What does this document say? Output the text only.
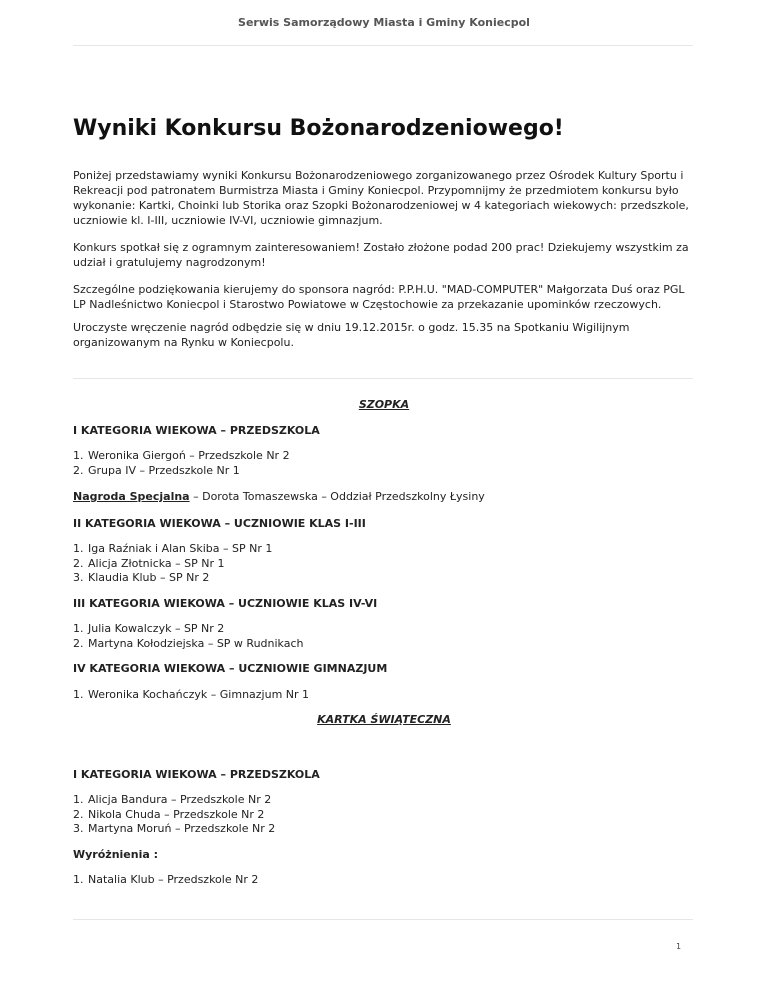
Serwis Samorządowy Miasta i Gminy Koniecpol
Wyniki Konkursu Bożonarodzeniowego!

Poniżej przedstawiamy wyniki Konkursu Bożonarodzeniowego zorganizowanego przez Ośrodek Kultury Sportu i Rekreacji pod patronatem Burmistrza Miasta i Gminy Koniecpol. Przypomnijmy że przedmiotem konkursu było wykonanie: Kartki, Choinki lub Storika oraz Szopki Bożonarodzeniowej w 4 kategoriach wiekowych: przedszkole, uczniowie kl. I-III, uczniowie IV-VI, uczniowie gimnazjum.

Konkurs spotkał się z ogramnym zainteresowaniem! Zostało złożone podad 200 prac! Dziekujemy wszystkim za udział i gratulujemy nagrodzonym!

Szczególne podziękowania kierujemy do sponsora nagród: P.P.H.U. "MAD-COMPUTER" Małgorzata Duś oraz PGL LP Nadleśnictwo Koniecpol i Starostwo Powiatowe w Częstochowie za przekazanie upominków rzeczowych.

Uroczyste wręczenie nagród odbędzie się w dniu 19.12.2015r. o godz. 15.35 na Spotkaniu Wigilijnym organizowanym na Rynku w Koniecpolu.

SZOPKA
I KATEGORIA WIEKOWA – PRZEDSZKOLA
1. Weronika Giergoń – Przedszkole Nr 2
2. Grupa IV – Przedszkole Nr 1
Nagroda Specjalna – Dorota Tomaszewska – Oddział Przedszkolny Łysiny
II KATEGORIA WIEKOWA – UCZNIOWIE KLAS I-III
1. Iga Raźniak i Alan Skiba – SP Nr 1
2. Alicja Złotnicka – SP Nr 1
3. Klaudia Klub – SP Nr 2
III KATEGORIA WIEKOWA – UCZNIOWIE KLAS IV-VI
1. Julia Kowalczyk – SP Nr 2
2. Martyna Kołodziejska – SP w Rudnikach
IV KATEGORIA WIEKOWA – UCZNIOWIE GIMNAZJUM
1. Weronika Kochańczyk – Gimnazjum Nr 1
KARTKA ŚWIĄTECZNA
I KATEGORIA WIEKOWA – PRZEDSZKOLA
1. Alicja Bandura – Przedszkole Nr 2
2. Nikola Chuda – Przedszkole Nr 2
3. Martyna Moruń – Przedszkole Nr 2
Wyróżnienia :
1. Natalia Klub – Przedszkole Nr 2
1
